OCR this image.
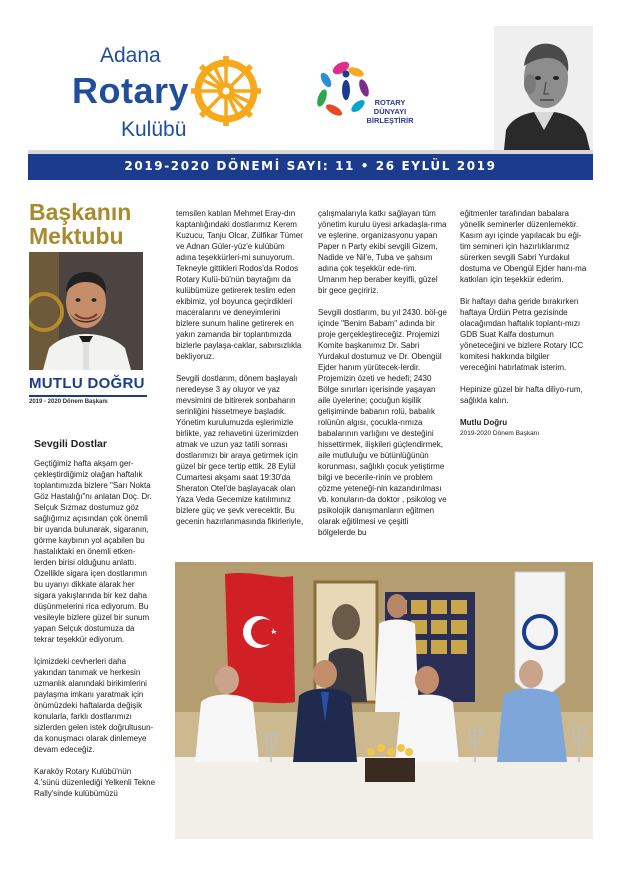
Adana
Rotary
Kulübü
ROTARY
DÜNYAYI
BİRLEŞTİRİR
2019-2020 DÖNEMİ SAYI: 11 • 26 EYLÜL 2019
Başkanın
Mektubu
MUTLU DOĞRU
2019 - 2020 Dönem Başkanı
Sevgili Dostlar

Geçtiğimiz hafta akşam ger-çekleştirdiğimiz olağan haftalık toplantımızda bizlere "Sarı Nokta Göz Hastalığı"nı anlatan Doç. Dr. Selçuk Sızmaz dostumuz göz sağlığımız açısından çok önemli bir uyarıda bulunarak, sigaranın, görme kaybının yol açabilen bu hastalıktaki en önemli etken-lerden birisi olduğunu anlattı. Özellikle sigara içen dostlarımın bu uyarıyı dikkate alarak her sigara yakışlarında bir kez daha düşünmelerini rica ediyorum. Bu vesileyle bizlere güzel bir sunum yapan Selçuk dostumuza da tekrar teşekkür ediyorum.

İçimizdeki cevherleri daha yakından tanımak ve herkesin uzmanlık alanındaki birikimlerini paylaşma imkanı yaratmak için önümüzdeki haftalarda değişik konularla, farklı dostlarımızı sizlerden gelen istek doğrultusun-da konuşmacı olarak dinlemeye devam edeceğiz.

Karaköy Rotary Kulübü'nün 4.'sünü düzenlediği Yelkenli Tekne Rally'sinde kulübümüzü

temsilen katılan Mehmet Eray-dın kaptanlığındaki dostlarımız Kerem Kuzucu, Tanju Olcar, Zülfikar Tümer ve Adnan Güler-yüz'e kulübüm adına teşekkürleri-mi sunuyorum. Tekneyle gittikleri Rodos'da Rodos Rotary Kulü-bü'nün bayrağını da kulübümüze getirerek teslim eden ekibimiz, yol boyunca geçirdikleri maceralarını ve deneyimlerini bizlere sunum haline getirerek en yakın zamanda bir toplantımızda bizlerle paylaşa-caklar, sabırsızlıkla bekliyoruz.

Sevgili dostlarım, dönem başlayalı neredeyse 3 ay oluyor ve yaz mevsimini de bitirerek sonbaharın serinliğini hissetmeye başladık. Yönetim kurulumuzda eşlerimizle birlikte, yaz rehavetini üzerimizden atmak ve uzun yaz tatili sonrası dostlarımızı bir araya getirmek için güzel bir gece tertip ettik. 28 Eylül Cumartesi akşamı saat 19:30'da Sheraton Otel'de başlayacak olan Yaza Veda Gecemize katılımınız bizlere güç ve şevk verecektir. Bu gecenin hazırlanmasında fikirleriyle,

çalışmalarıyla katkı sağlayan tüm yönetim kurulu üyesi arkadaşla-rıma ve eşlerine, organizasyonu yapan Paper n Party ekibi sevgili Gizem, Nadide ve Nil'e, Tuba ve şahsım adına çok teşekkür ede-rim. Umarım hep beraber keyifli, güzel bir gece geçiririz.

Sevgili dostlarım, bu yıl 2430. böl-ge içinde "Benim Babam" adında bir proje gerçekleştireceğiz. Projemizi Komite başkanımız Dr. Sabri Yurdakul dostumuz ve Dr. Obengül Ejder hanım yürütecek-lerdir. Projemizin özeti ve hedefi; 2430 Bölge sınırları içerisinde yaşayan aile üyelerine; çocuğun kişilik gelişiminde babanın rolü, babalık rolünün algısı, çocukla-rımıza babalarının varlığını ve desteğini hissettirmek, ilişkileri güçlendirmek, aile mutluluğu ve bütünlüğünün korunması, sağlıklı çocuk yetiştirme bilgi ve becerile-rinin ve problem çözme yeteneği-nin kazandırılması vb. konuların-da doktor , psikolog ve psikolojik danışmanların eğitmen olarak eğitilmesi ve çeşitli bölgelerde bu

eğitmenler tarafından babalara yönelik seminerler düzenlemektir. Kasım ayı içinde yapılacak bu eği-tim semineri için hazırlıklarımız sürerken sevgili Sabri Yurdakul dostuma ve Obengül Ejder hanı-ma katkıları için teşekkür ederim.

Bir haftayı daha geride bırakırken haftaya Ürdün Petra gezisinde olacağımdan haftalık toplantı-mızı GDB Suat Kalfa dostumun yöneteceğini ve bizlere Rotary ICC komitesi hakkında bilgiler vereceğini hatırlatmak isterim.

Hepinize güzel bir hafta diliyo-rum, sağlıkla kalın.

Mutlu Doğru
2019-2020 Dönem Başkanı
